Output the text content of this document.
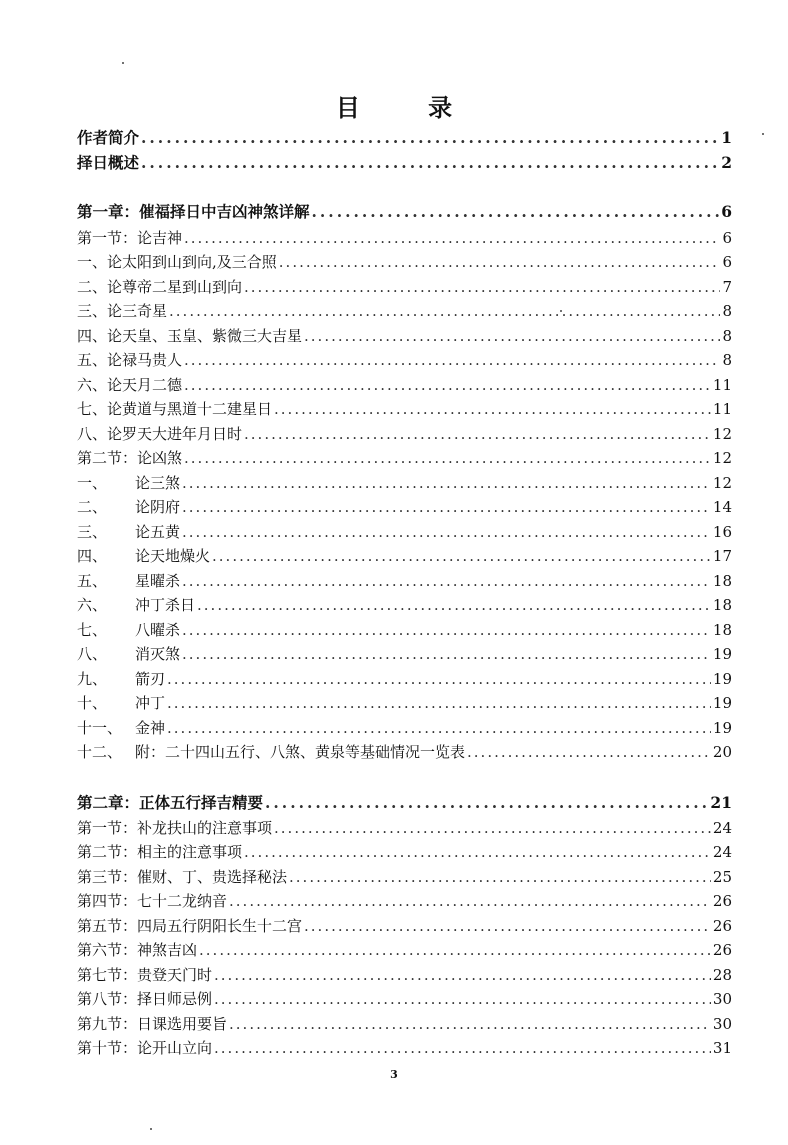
目 录
作者简介 .....	1
择日概述 .....	2
第一章：催福择日中吉凶神煞详解 .....	6
第一节：论吉神 .....	6
一、论太阳到山到向,及三合照 .....	6
二、论尊帝二星到山到向 .....	7
三、论三奇星 .....	8
四、论天皇、玉皇、紫微三大吉星 .....	8
五、论禄马贵人 .....	8
六、论天月二德 .....	11
七、论黄道与黑道十二建星日 .....	11
八、论罗天大进年月日时 .....	12
第二节：论凶煞 .....	12
一、	论三煞 .....	12
二、	论阴府 .....	14
三、	论五黄 .....	16
四、	论天地燥火 .....	17
五、	星曜杀 .....	18
六、	冲丁杀日 .....	18
七、	八曜杀 .....	18
八、	消灭煞 .....	19
九、	箭刃 .....	19
十、	冲丁 .....	19
十一、 金神 .....	19
十二、 附：二十四山五行、八煞、黄泉等基础情况一览表 .....	20
第二章：正体五行择吉精要 .....	21
第一节：补龙扶山的注意事项 .....	24
第二节：相主的注意事项 .....	24
第三节：催财、丁、贵选择秘法 .....	25
第四节：七十二龙纳音 .....	26
第五节：四局五行阴阳长生十二宫 .....	26
第六节：神煞吉凶 .....	26
第七节：贵登天门时 .....	28
第八节：择日师忌例 .....	30
第九节：日课选用要旨 .....	30
第十节：论开山立向 .....	31
3
